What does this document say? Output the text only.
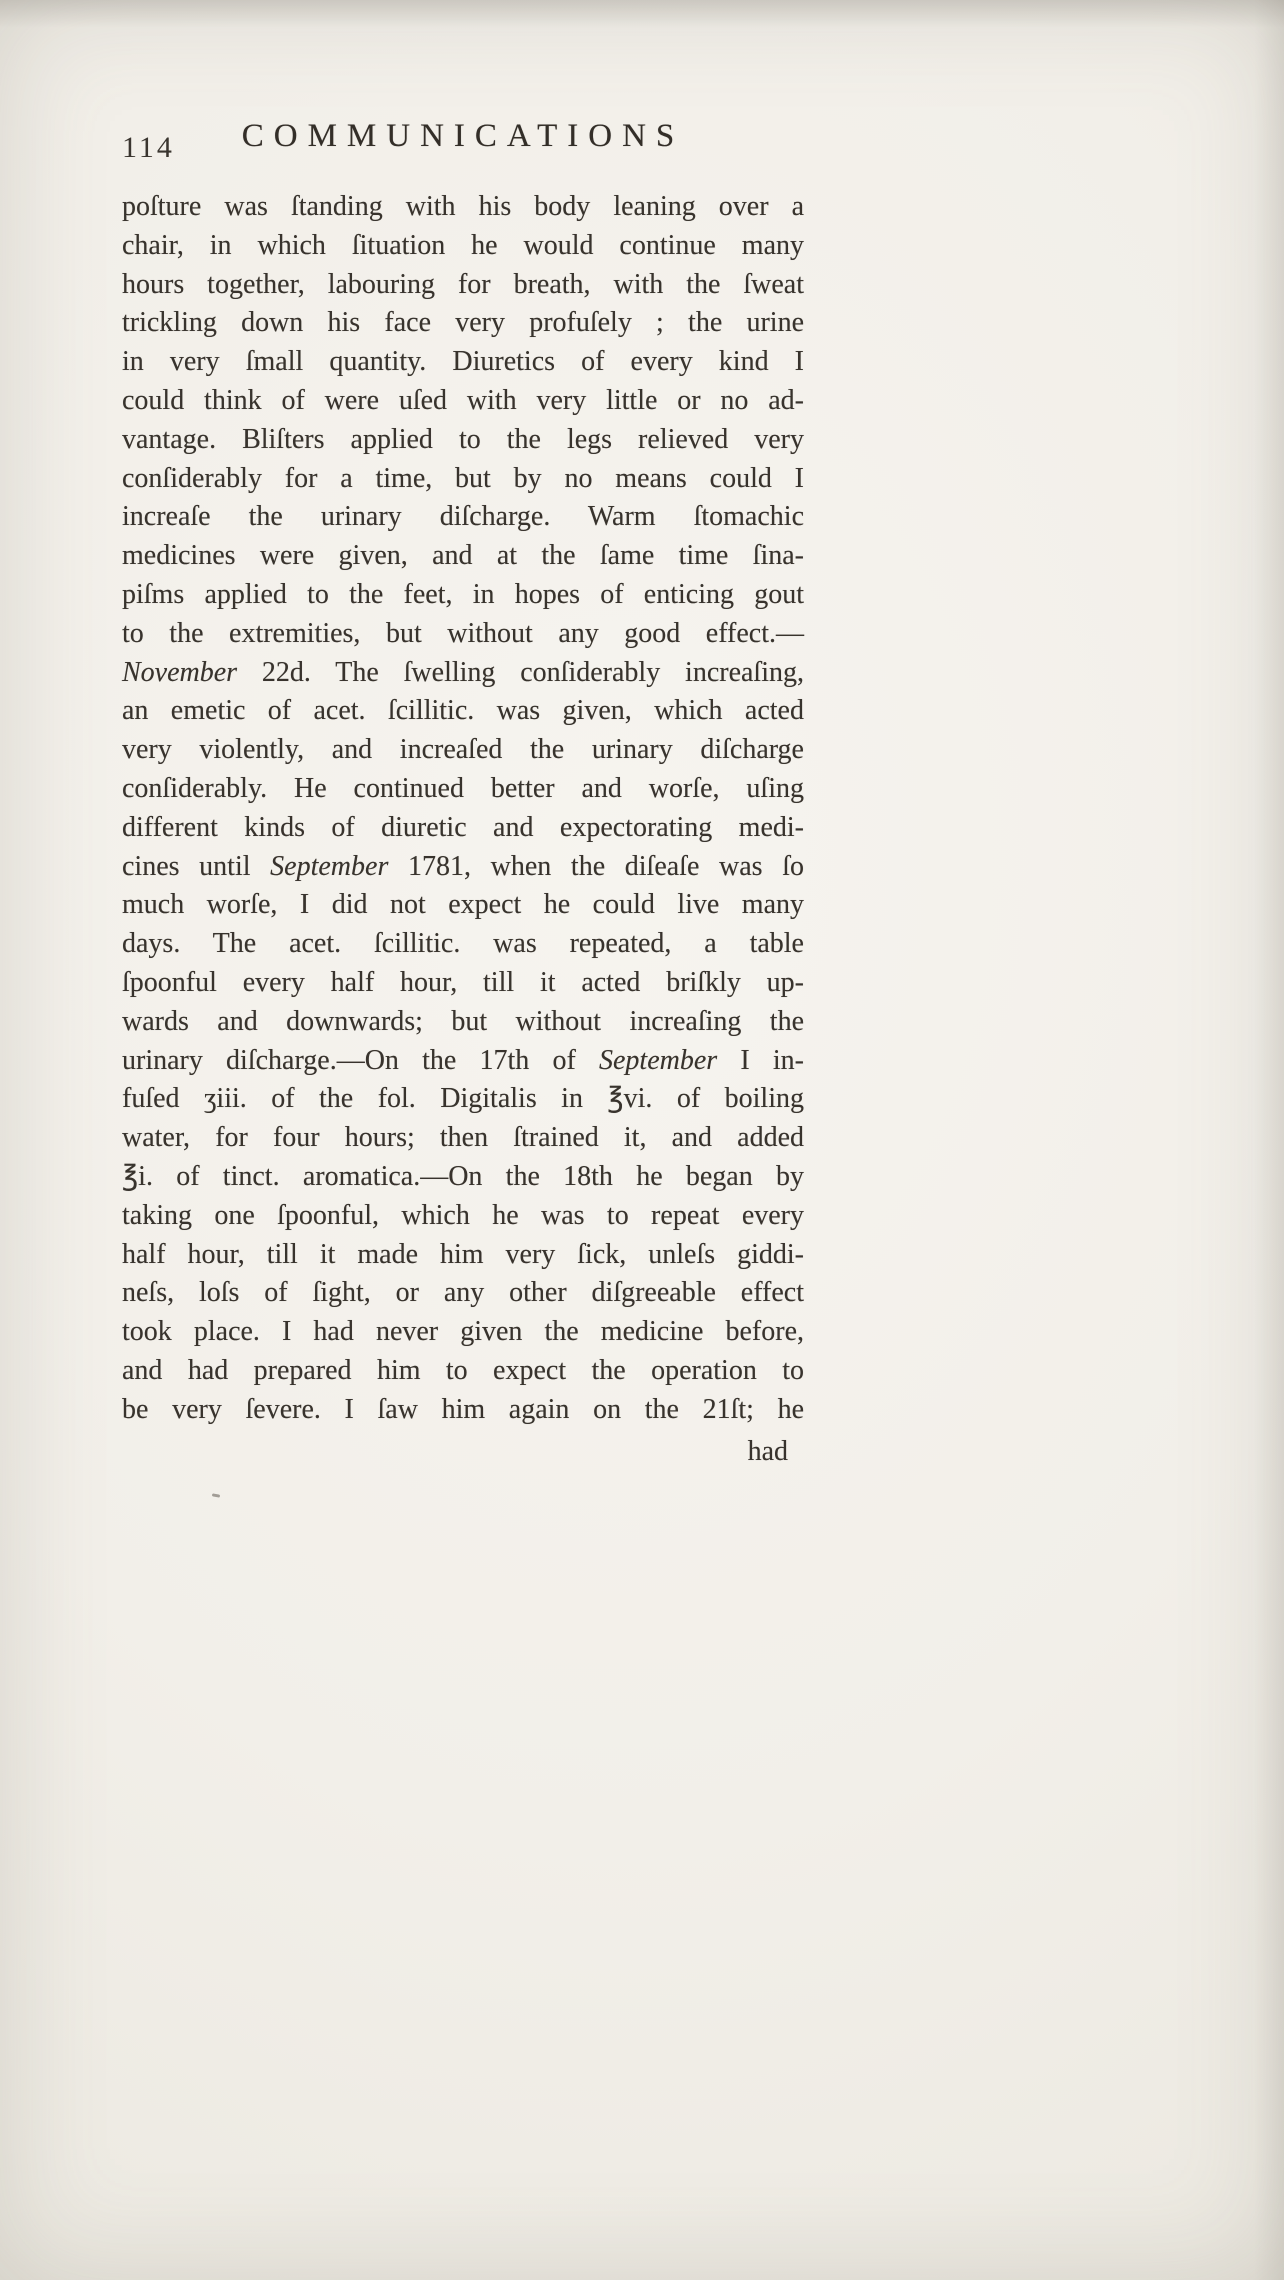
114	COMMUNICATIONS
poſture was ſtanding with his body leaning over a
chair, in which ſituation he would continue many
hours together, labouring for breath, with the ſweat
trickling down his face very profuſely ; the urine
in very ſmall quantity. Diuretics of every kind I
could think of were uſed with very little or no ad-
vantage. Bliſters applied to the legs relieved very
conſiderably for a time, but by no means could I
increaſe the urinary diſcharge. Warm ſtomachic
medicines were given, and at the ſame time ſina-
piſms applied to the feet, in hopes of enticing gout
to the extremities, but without any good effect.—
November 22d. The ſwelling conſiderably increaſing,
an emetic of acet. ſcillitic. was given, which acted
very violently, and increaſed the urinary diſcharge
conſiderably. He continued better and worſe, uſing
different kinds of diuretic and expectorating medi-
cines until September 1781, when the diſeaſe was ſo
much worſe, I did not expect he could live many
days. The acet. ſcillitic. was repeated, a table
ſpoonful every half hour, till it acted briſkly up-
wards and downwards; but without increaſing the
urinary diſcharge.—On the 17th of September I in-
fuſed ʒiii. of the fol. Digitalis in ℥vi. of boiling
water, for four hours; then ſtrained it, and added
℥i. of tinct. aromatica.—On the 18th he began by
taking one ſpoonful, which he was to repeat every
half hour, till it made him very ſick, unleſs giddi-
neſs, loſs of ſight, or any other diſgreeable effect
took place. I had never given the medicine before,
and had prepared him to expect the operation to
be very ſevere. I ſaw him again on the 21ſt; he
had
